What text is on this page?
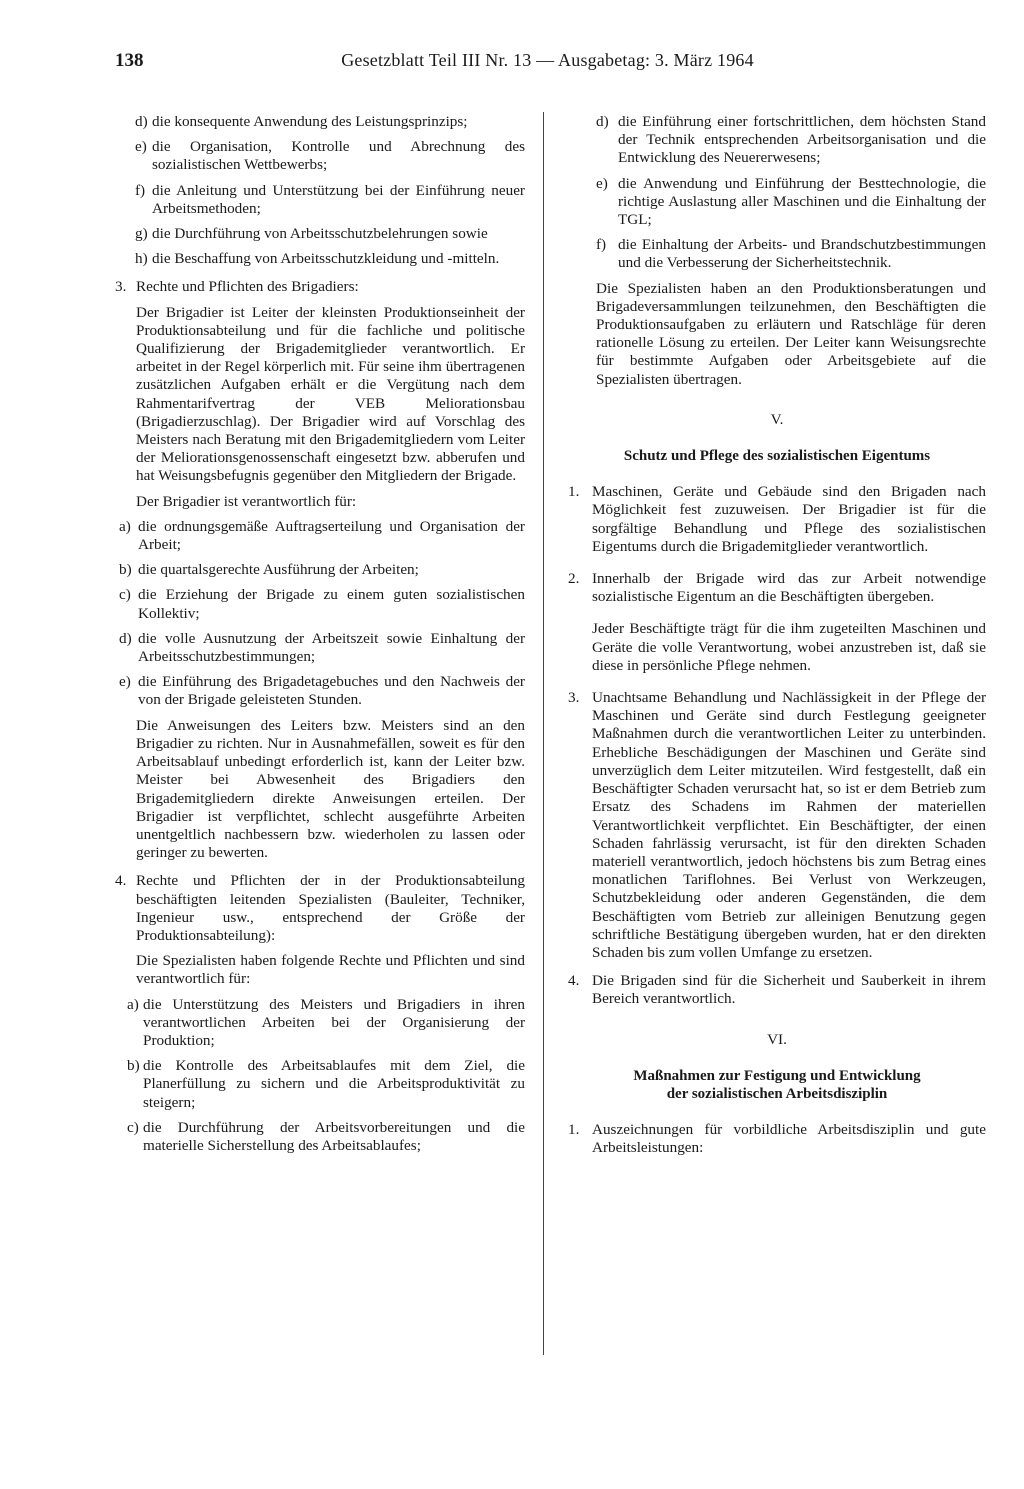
138	Gesetzblatt Teil III Nr. 13 — Ausgabetag: 3. März 1964
d) die konsequente Anwendung des Leistungsprinzips;
e) die Organisation, Kontrolle und Abrechnung des sozialistischen Wettbewerbs;
f) die Anleitung und Unterstützung bei der Einführung neuer Arbeitsmethoden;
g) die Durchführung von Arbeitsschutzbelehrungen sowie
h) die Beschaffung von Arbeitsschutzkleidung und -mitteln.
3. Rechte und Pflichten des Brigadiers:

Der Brigadier ist Leiter der kleinsten Produktionseinheit der Produktionsabteilung und für die fachliche und politische Qualifizierung der Brigademitglieder verantwortlich. Er arbeitet in der Regel körperlich mit. Für seine ihm übertragenen zusätzlichen Aufgaben erhält er die Vergütung nach dem Rahmentarifvertrag der VEB Meliorationsbau (Brigadierzuschlag). Der Brigadier wird auf Vorschlag des Meisters nach Beratung mit den Brigademitgliedern vom Leiter der Meliorationsgenossenschaft eingesetzt bzw. abberufen und hat Weisungsbefugnis gegenüber den Mitgliedern der Brigade.

Der Brigadier ist verantwortlich für:

a) die ordnungsgemäße Auftragserteilung und Organisation der Arbeit;
b) die quartalsgerechte Ausführung der Arbeiten;
c) die Erziehung der Brigade zu einem guten sozialistischen Kollektiv;
d) die volle Ausnutzung der Arbeitszeit sowie Einhaltung der Arbeitsschutzbestimmungen;
e) die Einführung des Brigadetagebuches und den Nachweis der von der Brigade geleisteten Stunden.

Die Anweisungen des Leiters bzw. Meisters sind an den Brigadier zu richten. Nur in Ausnahmefällen, soweit es für den Arbeitsablauf unbedingt erforderlich ist, kann der Leiter bzw. Meister bei Abwesenheit des Brigadiers den Brigademitgliedern direkte Anweisungen erteilen. Der Brigadier ist verpflichtet, schlecht ausgeführte Arbeiten unentgeltlich nachbessern bzw. wiederholen zu lassen oder geringer zu bewerten.

4. Rechte und Pflichten der in der Produktionsabteilung beschäftigten leitenden Spezialisten (Bauleiter, Techniker, Ingenieur usw., entsprechend der Größe der Produktionsabteilung):

Die Spezialisten haben folgende Rechte und Pflichten und sind verantwortlich für:

a) die Unterstützung des Meisters und Brigadiers in ihren verantwortlichen Arbeiten bei der Organisierung der Produktion;
b) die Kontrolle des Arbeitsablaufes mit dem Ziel, die Planerfüllung zu sichern und die Arbeitsproduktivität zu steigern;
c) die Durchführung der Arbeitsvorbereitungen und die materielle Sicherstellung des Arbeitsablaufes;
d) die Einführung einer fortschrittlichen, dem höchsten Stand der Technik entsprechenden Arbeitsorganisation und die Entwicklung des Neuererwesens;
e) die Anwendung und Einführung der Besttechnologie, die richtige Auslastung aller Maschinen und die Einhaltung der TGL;
f) die Einhaltung der Arbeits- und Brandschutzbestimmungen und die Verbesserung der Sicherheitstechnik.

Die Spezialisten haben an den Produktionsberatungen und Brigadeversammlungen teilzunehmen, den Beschäftigten die Produktionsaufgaben zu erläutern und Ratschläge für deren rationelle Lösung zu erteilen. Der Leiter kann Weisungsrechte für bestimmte Aufgaben oder Arbeitsgebiete auf die Spezialisten übertragen.

V.
Schutz und Pflege des sozialistischen Eigentums
1. Maschinen, Geräte und Gebäude sind den Brigaden nach Möglichkeit fest zuzuweisen. Der Brigadier ist für die sorgfältige Behandlung und Pflege des sozialistischen Eigentums durch die Brigademitglieder verantwortlich.
2. Innerhalb der Brigade wird das zur Arbeit notwendige sozialistische Eigentum an die Beschäftigten übergeben.

Jeder Beschäftigte trägt für die ihm zugeteilten Maschinen und Geräte die volle Verantwortung, wobei anzustreben ist, daß sie diese in persönliche Pflege nehmen.

3. Unachtsame Behandlung und Nachlässigkeit in der Pflege der Maschinen und Geräte sind durch Festlegung geeigneter Maßnahmen durch die verantwortlichen Leiter zu unterbinden. Erhebliche Beschädigungen der Maschinen und Geräte sind unverzüglich dem Leiter mitzuteilen. Wird festgestellt, daß ein Beschäftigter Schaden verursacht hat, so ist er dem Betrieb zum Ersatz des Schadens im Rahmen der materiellen Verantwortlichkeit verpflichtet. Ein Beschäftigter, der einen Schaden fahrlässig verursacht, ist für den direkten Schaden materiell verantwortlich, jedoch höchstens bis zum Betrag eines monatlichen Tariflohnes. Bei Verlust von Werkzeugen, Schutzbekleidung oder anderen Gegenständen, die dem Beschäftigten vom Betrieb zur alleinigen Benutzung gegen schriftliche Bestätigung übergeben wurden, hat er den direkten Schaden bis zum vollen Umfange zu ersetzen.
4. Die Brigaden sind für die Sicherheit und Sauberkeit in ihrem Bereich verantwortlich.
VI.
Maßnahmen zur Festigung und Entwicklung
der sozialistischen Arbeitsdisziplin
1. Auszeichnungen für vorbildliche Arbeitsdisziplin und gute Arbeitsleistungen:
